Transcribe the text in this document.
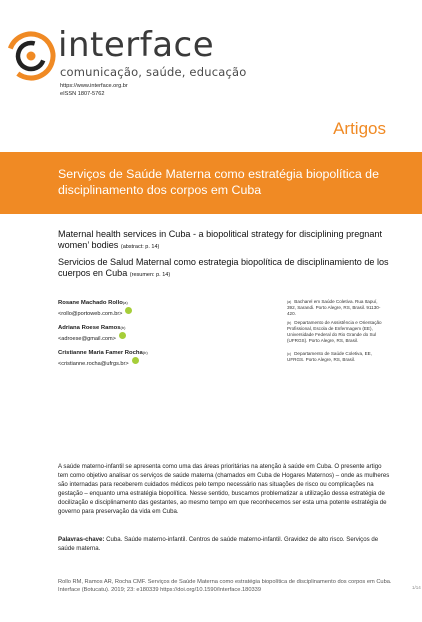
interface
comunicação, saúde, educação
https://www.interface.org.br
eISSN 1807-5762
Artigos
Serviços de Saúde Materna como estratégia biopolítica de disciplinamento dos corpos em Cuba
Maternal health services in Cuba - a biopolitical strategy for disciplining pregnant women’ bodies (abstract: p. 14)
Servicios de Salud Maternal como estrategia biopolítica de disciplinamiento de los cuerpos en Cuba (resumen: p. 14)
Rosane Machado Rollo$^{(a)}$
<rollo@portoweb.com.br>
Adriana Roese Ramos$^{(b)}$
<adroese@gmail.com>
Cristianne Maria Famer Rocha$^{(b)}$
<cristianne.rocha@ufrgs.br>
$^{(a)}$ Bacharel em Saúde Coletiva. Rua Itapuí, 392, Sarandi. Porto Alegre, RS, Brasil. 91130-420.
$^{(b)}$ Departamento de Assistência e Orientação Profissional, Escola de Enfermagem (EE), Universidade Federal do Rio Grande do Sul (UFRGS). Porto Alegre, RS, Brasil.
$^{(c)}$ Departamento de Saúde Coletiva, EE, UFRGS. Porto Alegre, RS, Brasil.
A saúde materno-infantil se apresenta como uma das áreas prioritárias na atenção à saúde em Cuba. O presente artigo tem como objetivo analisar os serviços de saúde materna (chamados em Cuba de Hogares Maternos) – onde as mulheres são internadas para receberem cuidados médicos pelo tempo necessário nas situações de risco ou complicações na gestação – enquanto uma estratégia biopolítica. Nesse sentido, buscamos problematizar a utilização dessa estratégia de docilização e disciplinamento das gestantes, ao mesmo tempo em que reconhecemos ser esta uma potente estratégia de governo para preservação da vida em Cuba.
Palavras-chave: Cuba. Saúde materno-infantil. Centros de saúde materno-infantil. Gravidez de alto risco. Serviços de saúde materna.
Rollo RM, Ramos AR, Rocha CMF. Serviços de Saúde Materna como estratégia biopolítica de disciplinamento dos corpos em Cuba. Interface (Botucatu). 2019; 23: e180339 https://doi.org/10.1590/Interface.180339	1/14
